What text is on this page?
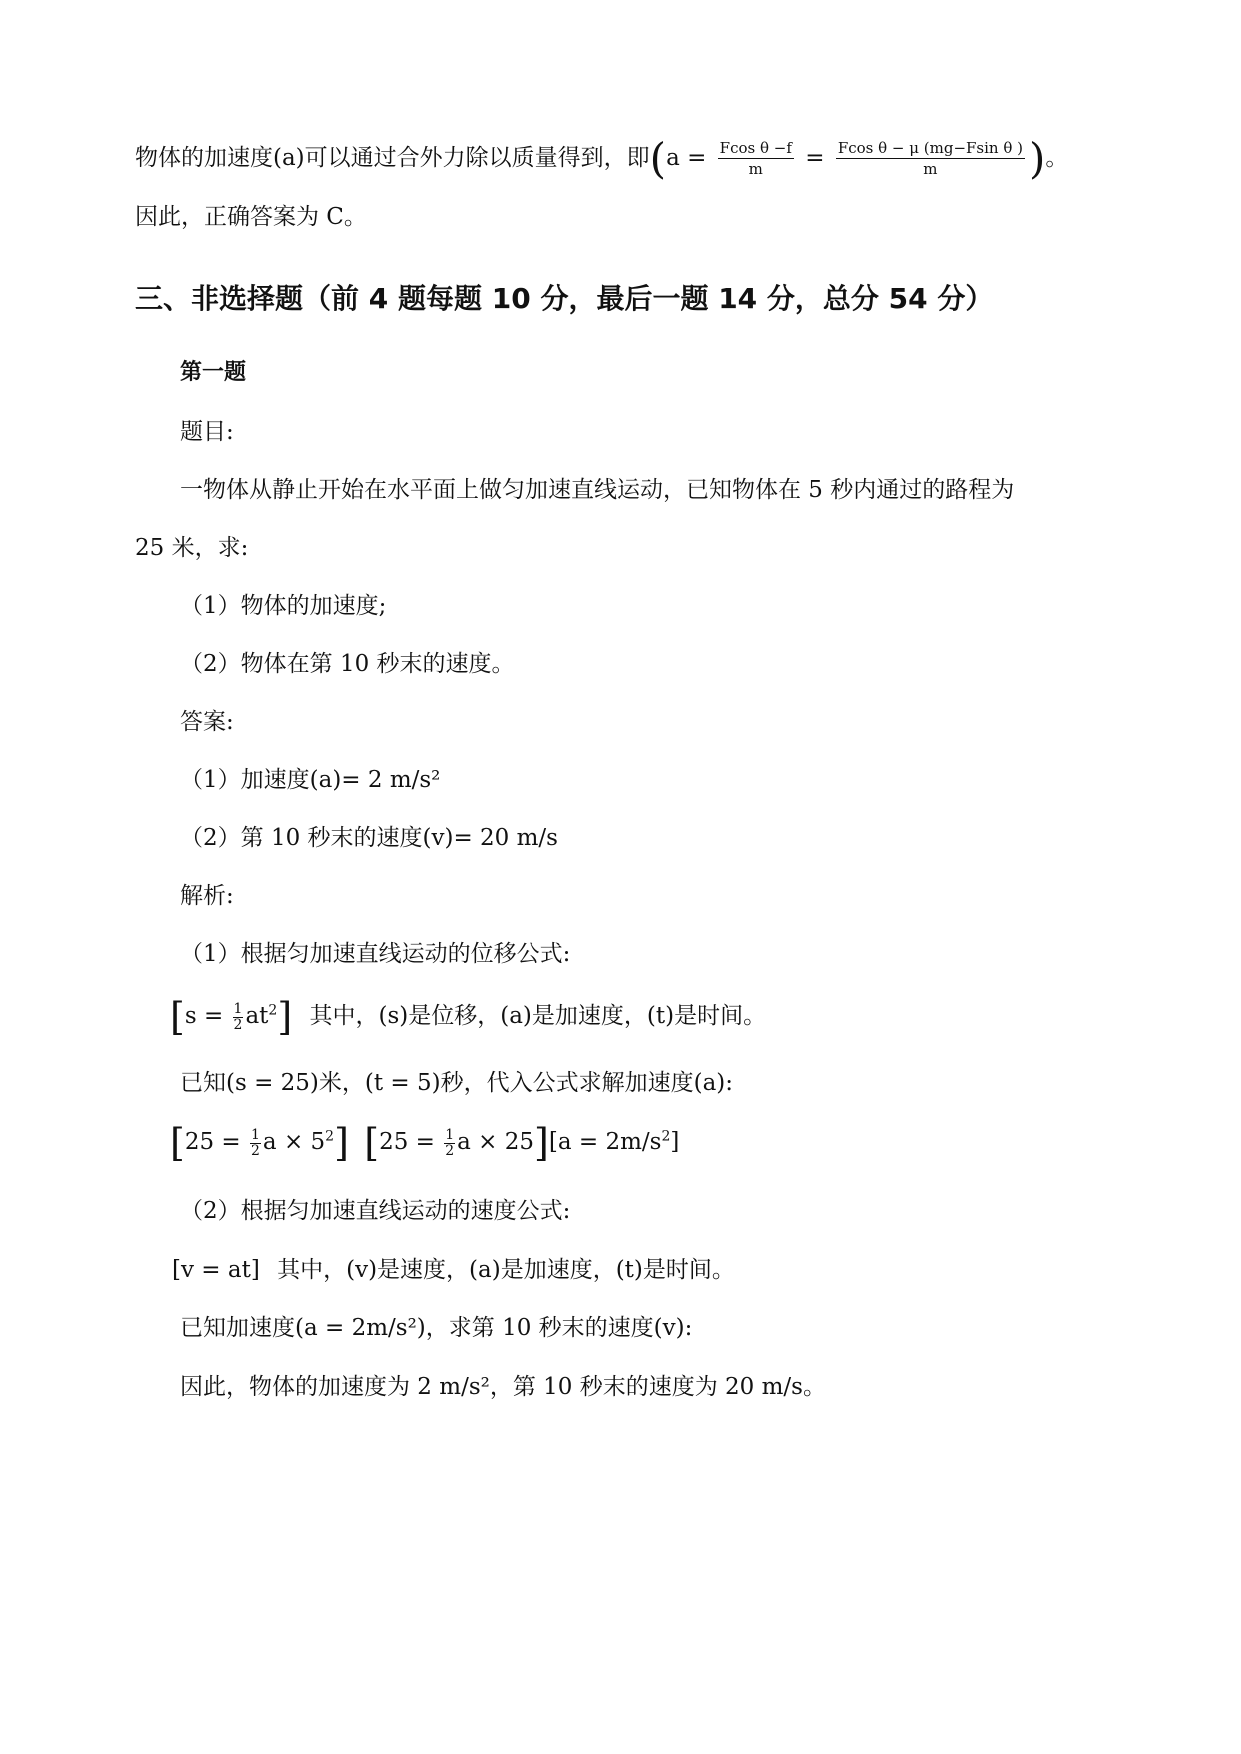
物体的加速度(a)可以通过合外力除以质量得到，即($a = \frac{\text{Fcos θ −f}}{m} = \frac{\text{Fcos θ − μ (mg−Fsin θ )}}{m}$ )。
因此，正确答案为 C。
三、非选择题（前 4 题每题 10 分，最后一题 14 分，总分 54 分）
第一题
题目:
一物体从静止开始在水平面上做匀加速直线运动，已知物体在 5 秒内通过的路程为
25 米，求:
（1）物体的加速度;
（2）物体在第 10 秒末的速度。
答案:
（1）加速度(a)= 2 m/s²
（2）第 10 秒末的速度(v)= 20 m/s
解析:
（1）根据匀加速直线运动的位移公式:
$[s = \frac{1}{2} at^2]$ 其中，(s)是位移，(a)是加速度，(t)是时间。
已知(s = 25)米，(t = 5)秒，代入公式求解加速度(a):
[$25 = \frac{1}{2}$ $a \times 5^2$] [$25 = \frac{1}{2}$ $a \times 25][a = 2m/s^2]$
（2）根据匀加速直线运动的速度公式:
[v = at] 其中，(v)是速度，(a)是加速度，(t)是时间。
已知加速度(a = 2m/s²)，求第 10 秒末的速度(v):
因此，物体的加速度为 2 m/s²，第 10 秒末的速度为 20 m/s。
